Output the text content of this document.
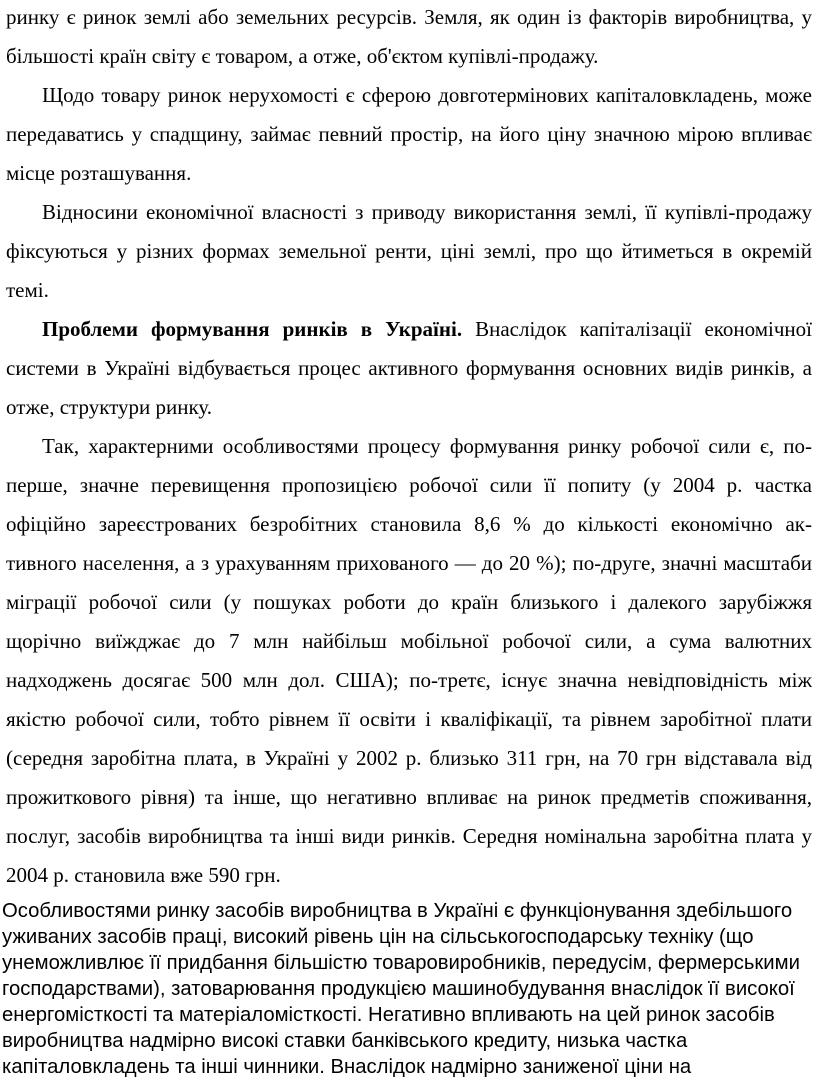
ринку є ринок землі або земельних ресурсів. Земля, як один із факторів виробництва, у більшості країн світу є товаром, а отже, об'єктом купівлі-продажу.

Щодо товару ринок нерухомості є сферою довготермінових капіталовкладень, може передаватись у спадщину, займає певний простір, на його ціну значною мірою впливає місце розташування.

Відносини економічної власності з приводу використання землі, її купівлі-продажу фіксуються у різних формах земельної ренти, ціні землі, про що йтиметься в окремій темі.

Проблеми формування ринків в Україні. Внаслідок капіталізації економічної системи в Україні відбувається процес активного формування основних видів ринків, а отже, структури ринку.

Так, характерними особливостями процесу формування ринку робочої сили є, по-перше, значне перевищення пропозицією робочої сили її попиту (у 2004 р. частка офіційно зареєстрованих безробітних становила 8,6 % до кількості економічно ак-тивного населення, а з урахуванням прихованого — до 20 %); по-друге, значні масштаби міграції робочої сили (у пошуках роботи до країн близького і далекого зарубіжжя щорічно виїжджає до 7 млн найбільш мобільної робочої сили, а сума валютних надходжень досягає 500 млн дол. США); по-третє, існує значна невідповідність між якістю робочої сили, тобто рівнем її освіти і кваліфікації, та рівнем заробітної плати (середня заробітна плата, в Україні у 2002 р. близько 311 грн, на 70 грн відставала від прожиткового рівня) та інше, що негативно впливає на ринок предметів споживання, послуг, засобів виробництва та інші види ринків. Середня номінальна заробітна плата у 2004 р. становила вже 590 грн.

Особливостями ринку засобів виробництва в Україні є функціонування здебільшого уживаних засобів праці, високий рівень цін на сільськогосподарську техніку (що унеможливлює її придбання більшістю товаровиробників, передусім, фермерськими господарствами), затоварювання продукцією машинобудування внаслідок її високої енергомісткості та матеріаломісткості. Негативно впливають на цей ринок засобів виробництва надмірно високі ставки банківського кредиту, низька частка капіталовкладень та інші чинники. Внаслідок надмірно заниженої ціни на
